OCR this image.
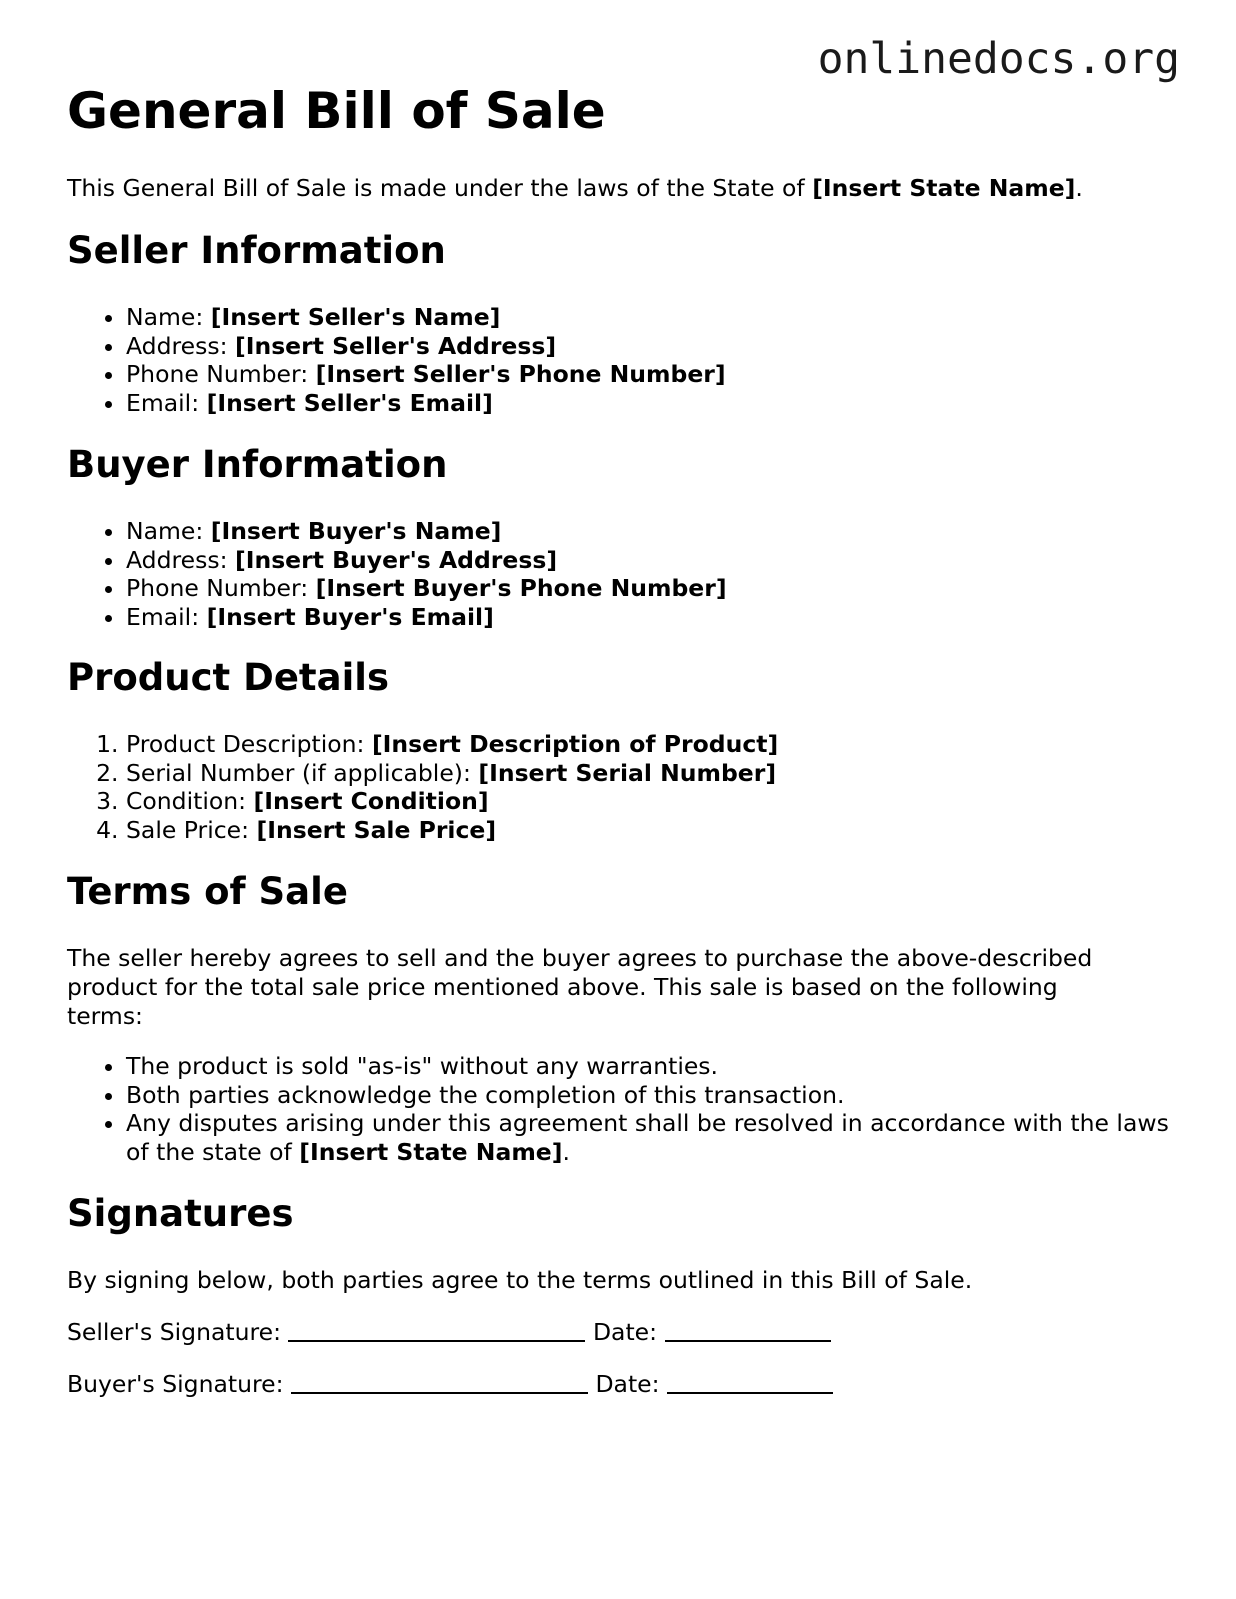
onlinedocs.org
General Bill of Sale

This General Bill of Sale is made under the laws of the State of [Insert State Name].

Seller Information
• Name: [Insert Seller's Name]
• Address: [Insert Seller's Address]
• Phone Number: [Insert Seller's Phone Number]
• Email: [Insert Seller's Email]
Buyer Information
• Name: [Insert Buyer's Name]
• Address: [Insert Buyer's Address]
• Phone Number: [Insert Buyer's Phone Number]
• Email: [Insert Buyer's Email]
Product Details
1. Product Description: [Insert Description of Product]
2. Serial Number (if applicable): [Insert Serial Number]
3. Condition: [Insert Condition]
4. Sale Price: [Insert Sale Price]
Terms of Sale

The seller hereby agrees to sell and the buyer agrees to purchase the above-described product for the total sale price mentioned above. This sale is based on the following terms:

• The product is sold "as-is" without any warranties.
• Both parties acknowledge the completion of this transaction.
• Any disputes arising under this agreement shall be resolved in accordance with the laws of the state of [Insert State Name].
Signatures

By signing below, both parties agree to the terms outlined in this Bill of Sale.

Seller's Signature:	Date:

Buyer's Signature:	Date:
